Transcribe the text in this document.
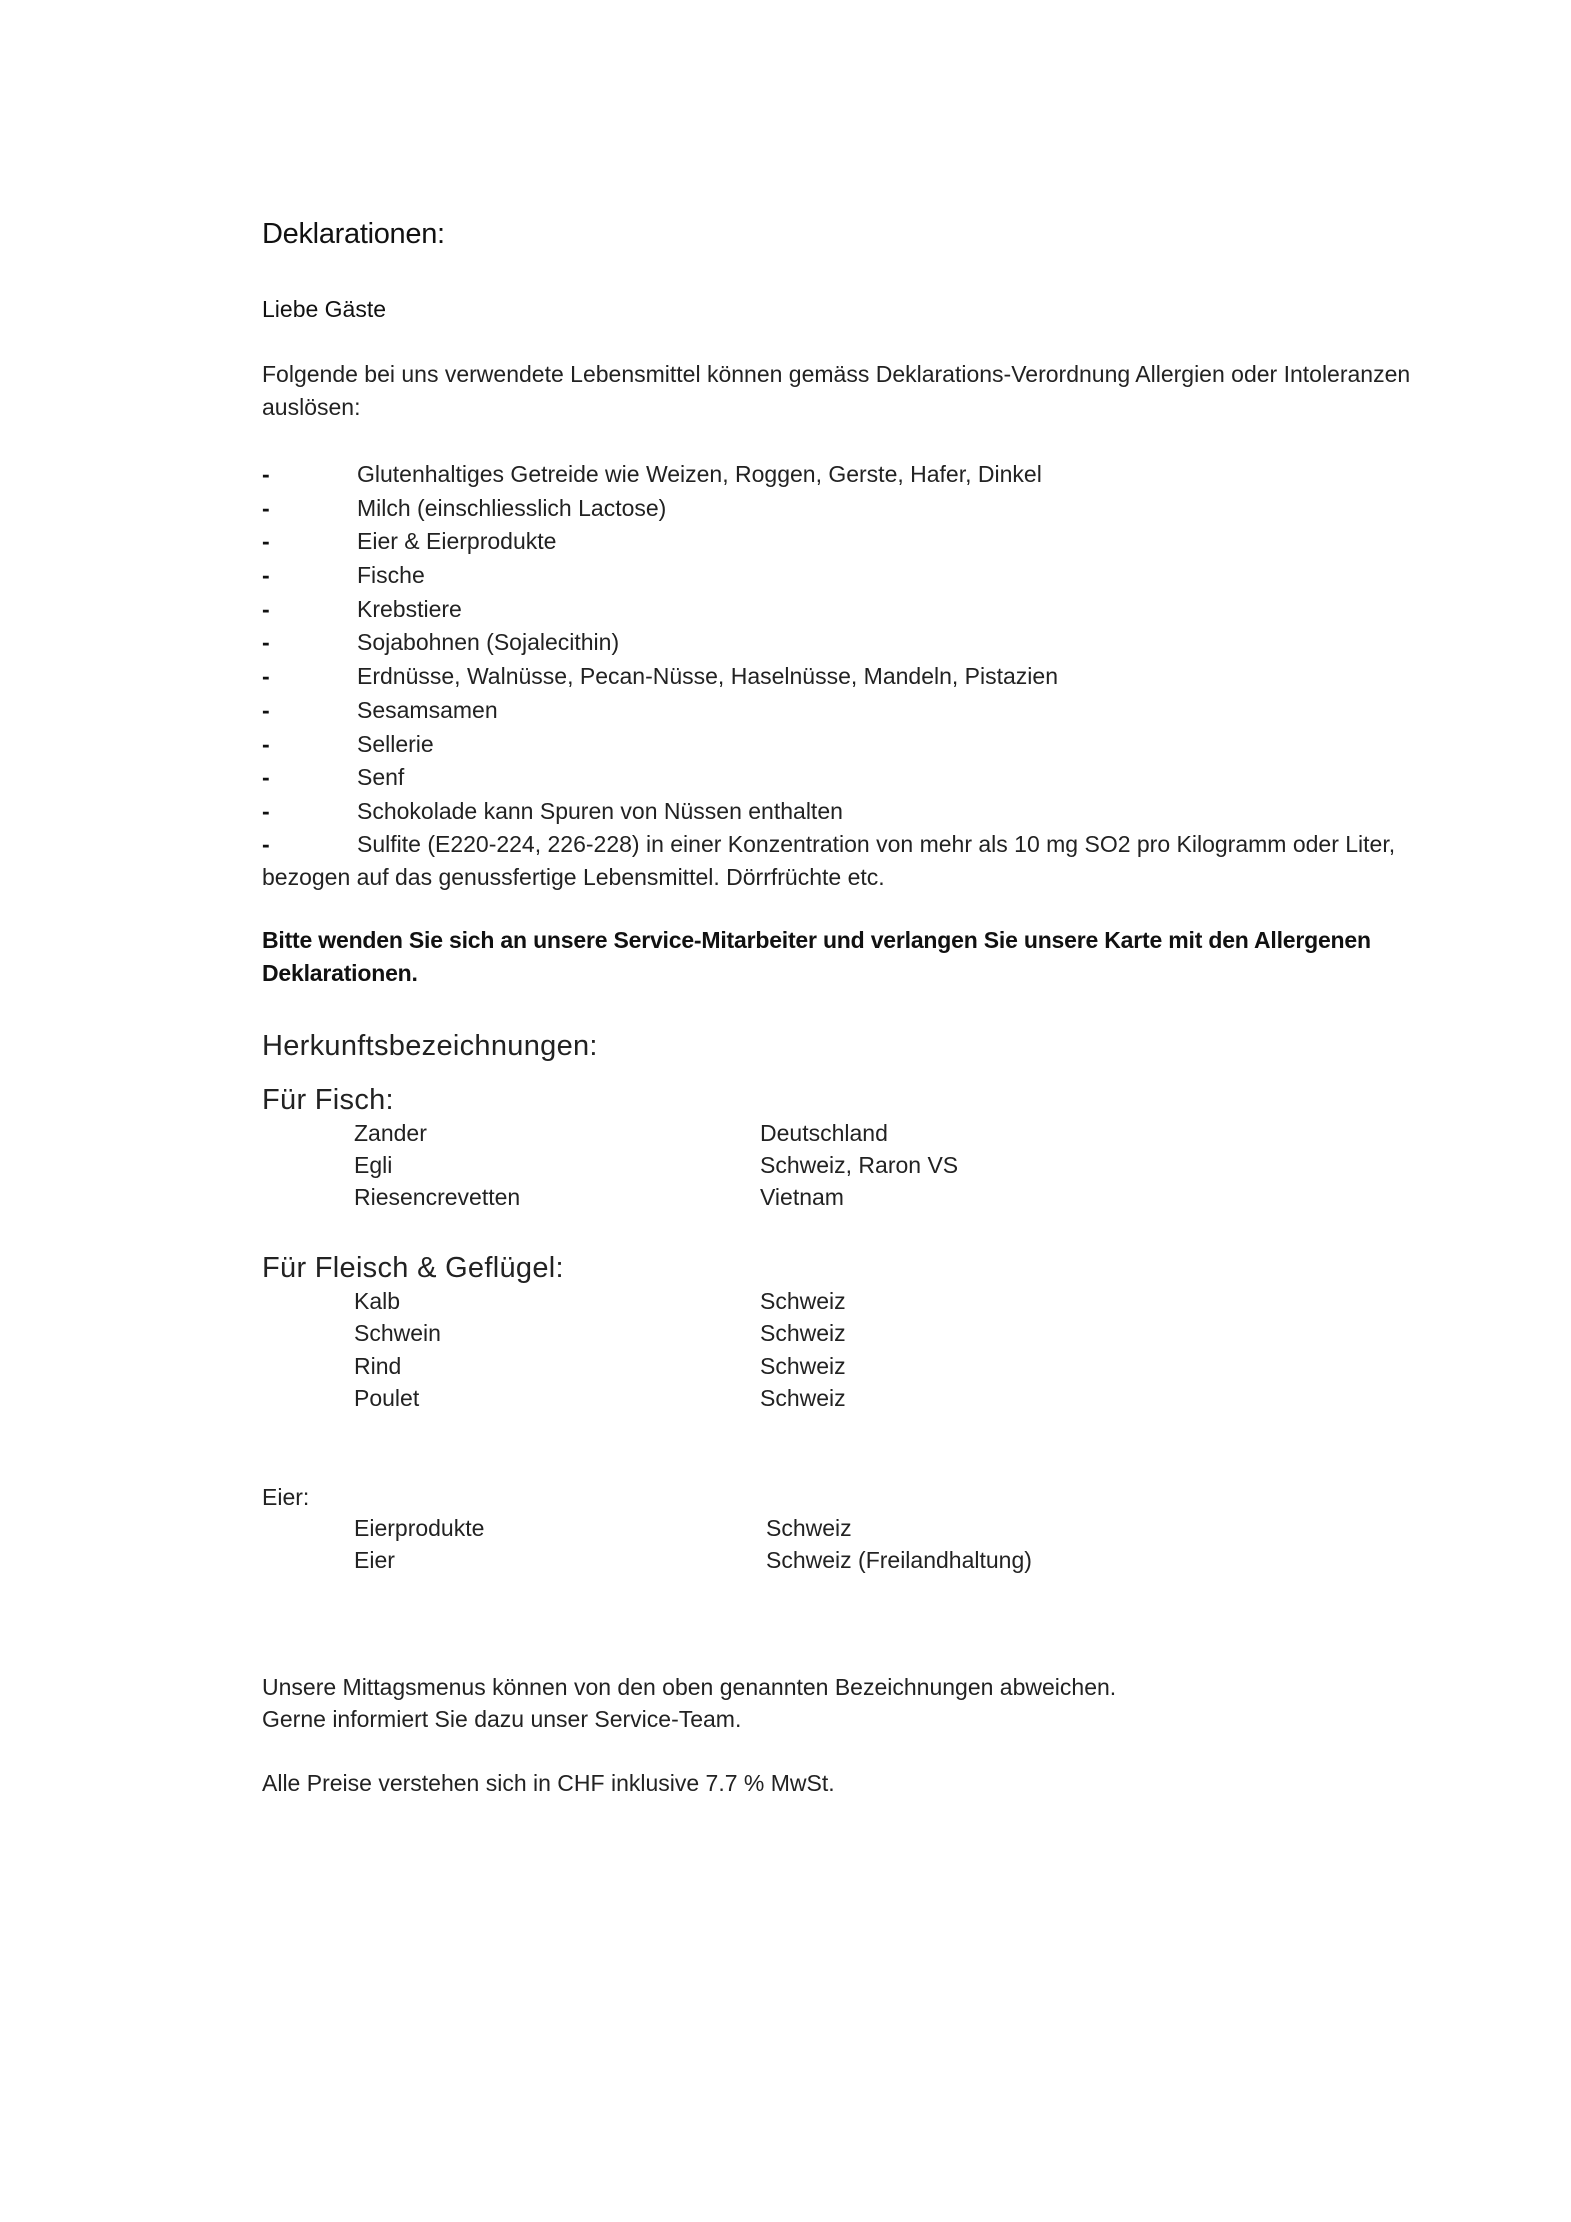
Deklarationen:
Liebe Gäste
Folgende bei uns verwendete Lebensmittel können gemäss Deklarations-Verordnung Allergien oder Intoleranzen auslösen:
-	Glutenhaltiges Getreide wie Weizen, Roggen, Gerste, Hafer, Dinkel
-	Milch (einschliesslich Lactose)
-	Eier & Eierprodukte
-	Fische
-	Krebstiere
-	Sojabohnen (Sojalecithin)
-	Erdnüsse, Walnüsse, Pecan-Nüsse, Haselnüsse, Mandeln, Pistazien
-	Sesamsamen
-	Sellerie
-	Senf
-	Schokolade kann Spuren von Nüssen enthalten
-	Sulfite (E220-224, 226-228) in einer Konzentration von mehr als 10 mg SO2 pro Kilogramm oder Liter,
bezogen auf das genussfertige Lebensmittel. Dörrfrüchte etc.
Bitte wenden Sie sich an unsere Service-Mitarbeiter und verlangen Sie unsere Karte mit den Allergenen Deklarationen.
Herkunftsbezeichnungen:
Für Fisch:
Zander	Deutschland
Egli	Schweiz, Raron VS
Riesencrevetten	Vietnam
Für Fleisch & Geflügel:
Kalb	Schweiz
Schwein	Schweiz
Rind	Schweiz
Poulet	Schweiz
Eier:
Eierprodukte	Schweiz
Eier	Schweiz (Freilandhaltung)
Unsere Mittagsmenus können von den oben genannten Bezeichnungen abweichen.
Gerne informiert Sie dazu unser Service-Team.
Alle Preise verstehen sich in CHF inklusive 7.7 % MwSt.
